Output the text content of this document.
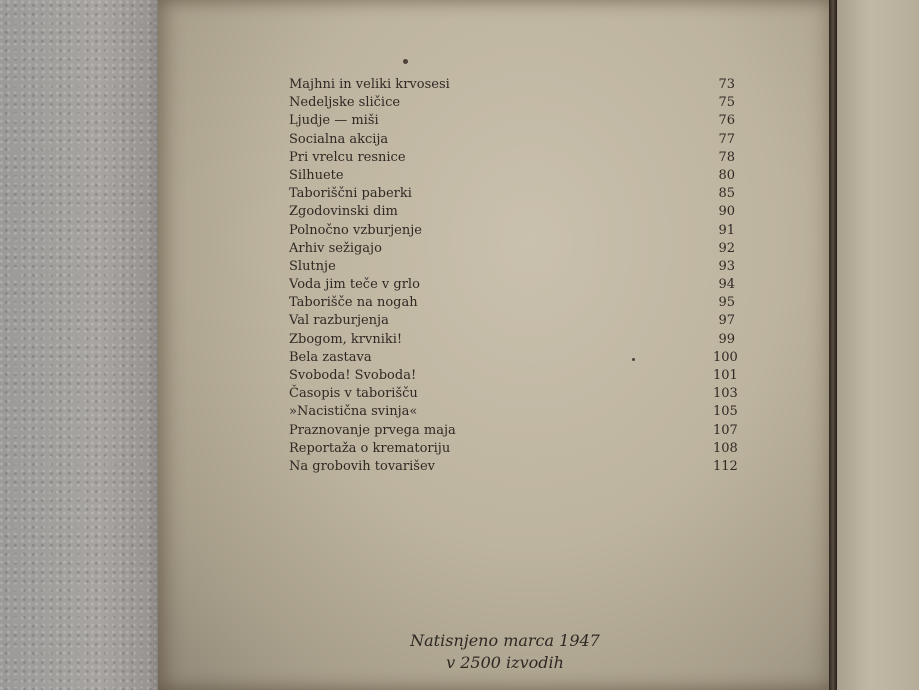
Majhni in veliki krvosesi	73
Nedeljske sličice	75
Ljudje — miši	76
Socialna akcija	77
Pri vrelcu resnice	78
Silhuete	80
Taboriščni paberki	85
Zgodovinski dim	90
Polnočno vzburjenje	91
Arhiv sežigajo	92
Slutnje	93
Voda jim teče v grlo	94
Taborišče na nogah	95
Val razburjenja	97
Zbogom, krvniki!	99
Bela zastava	100
Svoboda! Svoboda!	101
Časopis v taborišču	103
»Nacistična svinja«	105
Praznovanje prvega maja	107
Reportaža o krematoriju	108
Na grobovih tovarišev	112
Natisnjeno marca 1947
v 2500 izvodih
